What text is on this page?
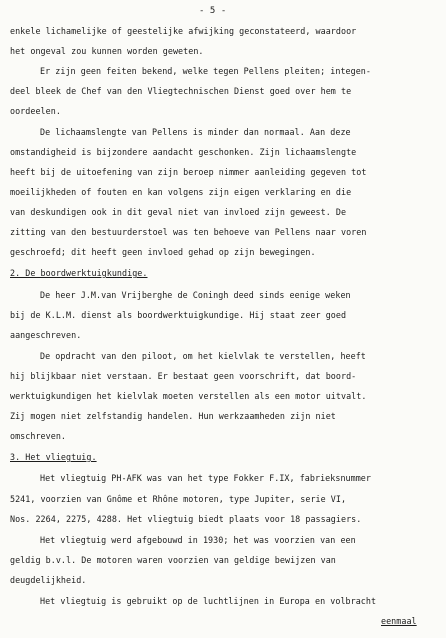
- 5 -
enkele lichamelijke of geestelijke afwijking geconstateerd, waardoor
het ongeval zou kunnen worden geweten.
Er zijn geen feiten bekend, welke tegen Pellens pleiten; integen-
deel bleek de Chef van den Vliegtechnischen Dienst goed over hem te
oordeelen.
De lichaamslengte van Pellens is minder dan normaal. Aan deze
omstandigheid is bijzondere aandacht geschonken. Zijn lichaamslengte
heeft bij de uitoefening van zijn beroep nimmer aanleiding gegeven tot
moeilijkheden of fouten en kan volgens zijn eigen verklaring en die
van deskundigen ook in dit geval niet van invloed zijn geweest. De
zitting van den bestuurderstoel was ten behoeve van Pellens naar voren
geschroefd; dit heeft geen invloed gehad op zijn bewegingen.
2. De boordwerktuigkundige.
De heer J.M.van Vrijberghe de Coningh deed sinds eenige weken
bij de K.L.M. dienst als boordwerktuigkundige. Hij staat zeer goed
aangeschreven.
De opdracht van den piloot, om het kielvlak te verstellen, heeft
hij blijkbaar niet verstaan. Er bestaat geen voorschrift, dat boord-
werktuigkundigen het kielvlak moeten verstellen als een motor uitvalt.
Zij mogen niet zelfstandig handelen. Hun werkzaamheden zijn niet
omschreven.
3. Het vliegtuig.
Het vliegtuig PH-AFK was van het type Fokker F.IX, fabrieksnummer
5241, voorzien van Gnôme et Rhône motoren, type Jupiter, serie VI,
Nos. 2264, 2275, 4288. Het vliegtuig biedt plaats voor 18 passagiers.
Het vliegtuig werd afgebouwd in 1930; het was voorzien van een
geldig b.v.l. De motoren waren voorzien van geldige bewijzen van
deugdelijkheid.
Het vliegtuig is gebruikt op de luchtlijnen in Europa en volbracht
eenmaal
